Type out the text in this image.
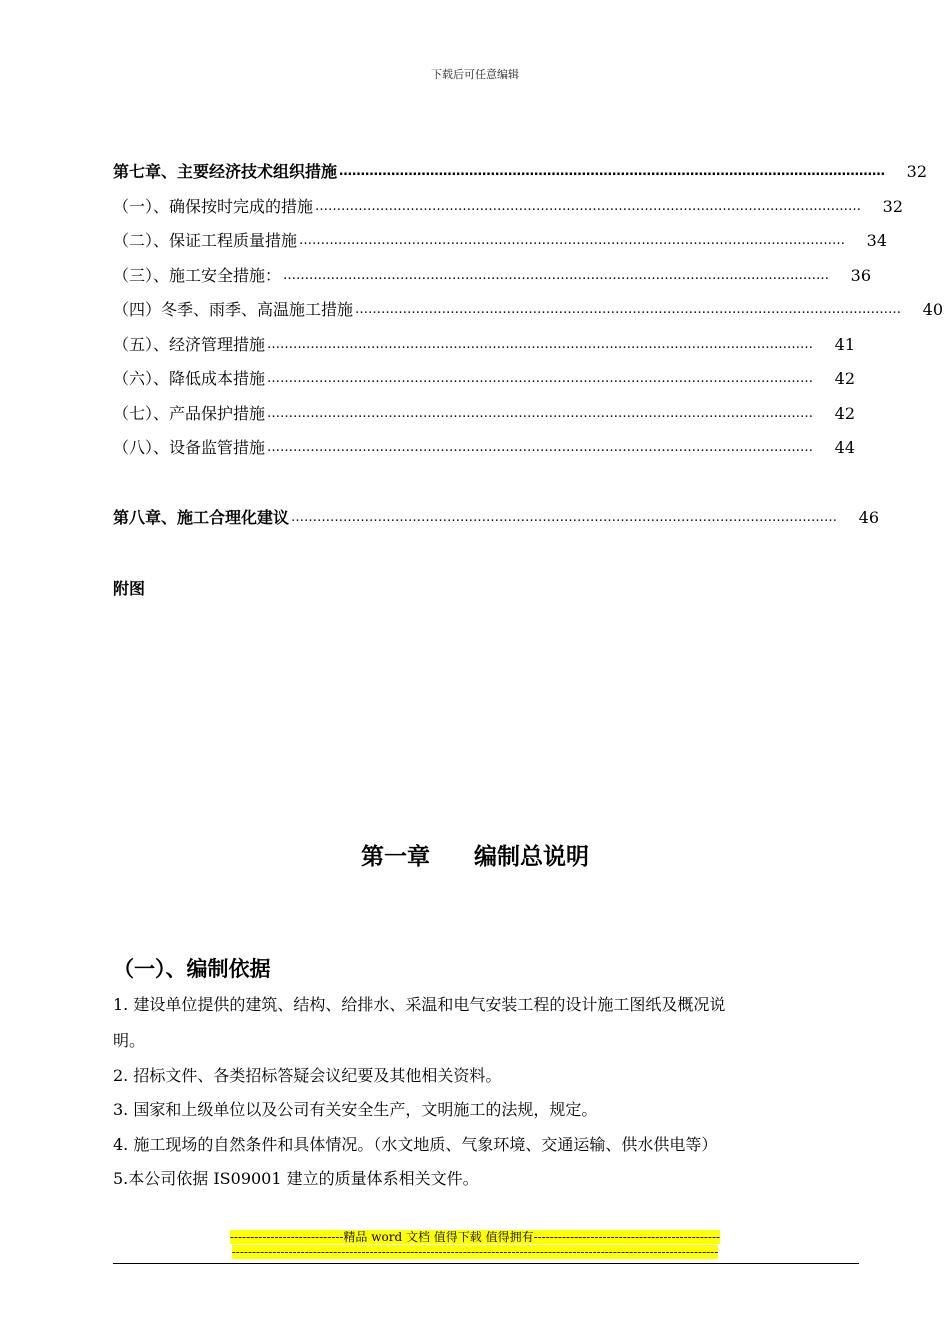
下载后可任意编辑
第七章、主要经济技术组织措施 ………………………………………………………………………………………………………………	32
（一）、确保按时完成的措施 ………………………………………………………………………………………………………………	32
（二）、保证工程质量措施 ………………………………………………………………………………………………………………	34
（三）、施工安全措施： ………………………………………………………………………………………………………………	36
（四）冬季、雨季、高温施工措施 ………………………………………………………………………………………………………………	40
（五）、经济管理措施 ………………………………………………………………………………………………………………	41
（六）、降低成本措施 ………………………………………………………………………………………………………………	42
（七）、产品保护措施 ………………………………………………………………………………………………………………	42
（八）、设备监管措施 ………………………………………………………………………………………………………………	44
第八章、施工合理化建议 ………………………………………………………………………………………………………………	46
附图
第一章 编制总说明
（一）、编制依据
1. 建设单位提供的建筑、结构、给排水、采温和电气安装工程的设计施工图纸及概况说
明。
2. 招标文件、各类招标答疑会议纪要及其他相关资料。
3. 国家和上级单位以及公司有关安全生产，文明施工的法规，规定。
4. 施工现场的自然条件和具体情况。（水文地质、气象环境、交通运输、供水供电等）
5.本公司依据 IS09001 建立的质量体系相关文件。
----------------------------精品 word 文档 值得下载 值得拥有----------------------------------------------
------------------------------------------------------------------------------------------------------------------------
